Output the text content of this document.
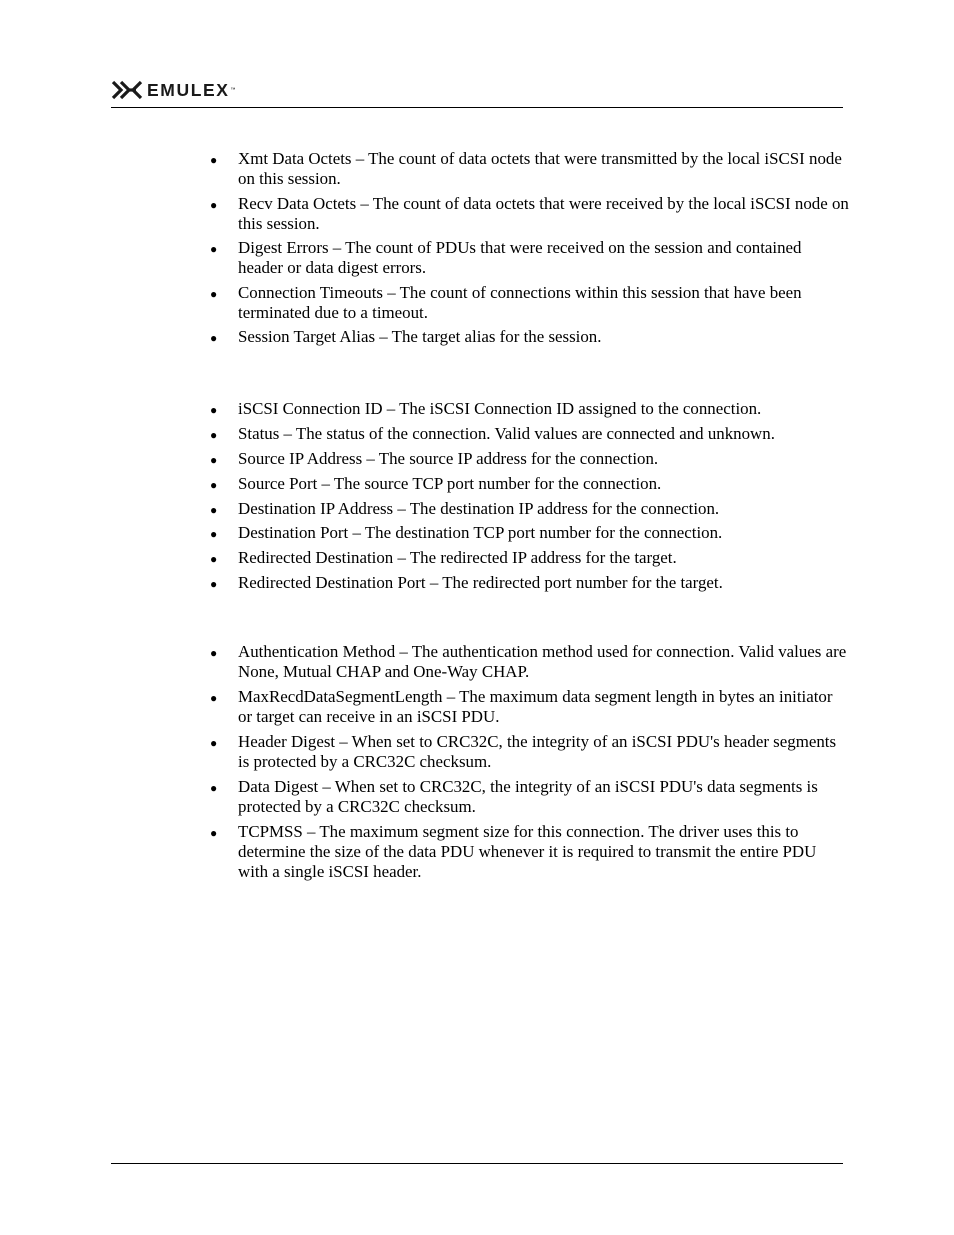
EMULEX ™
● Xmt Data Octets – The count of data octets that were transmitted by the local iSCSI node on this session.
● Recv Data Octets – The count of data octets that were received by the local iSCSI node on this session.
● Digest Errors – The count of PDUs that were received on the session and contained header or data digest errors.
● Connection Timeouts – The count of connections within this session that have been terminated due to a timeout.
● Session Target Alias – The target alias for the session.
● iSCSI Connection ID – The iSCSI Connection ID assigned to the connection.
● Status – The status of the connection. Valid values are connected and unknown.
● Source IP Address – The source IP address for the connection.
● Source Port – The source TCP port number for the connection.
● Destination IP Address – The destination IP address for the connection.
● Destination Port – The destination TCP port number for the connection.
● Redirected Destination – The redirected IP address for the target.
● Redirected Destination Port – The redirected port number for the target.
● Authentication Method – The authentication method used for connection. Valid values are None, Mutual CHAP and One-Way CHAP.
● MaxRecdDataSegmentLength – The maximum data segment length in bytes an initiator or target can receive in an iSCSI PDU.
● Header Digest – When set to CRC32C, the integrity of an iSCSI PDU's header segments is protected by a CRC32C checksum.
● Data Digest – When set to CRC32C, the integrity of an iSCSI PDU's data segments is protected by a CRC32C checksum.
● TCPMSS – The maximum segment size for this connection. The driver uses this to determine the size of the data PDU whenever it is required to transmit the entire PDU with a single iSCSI header.
